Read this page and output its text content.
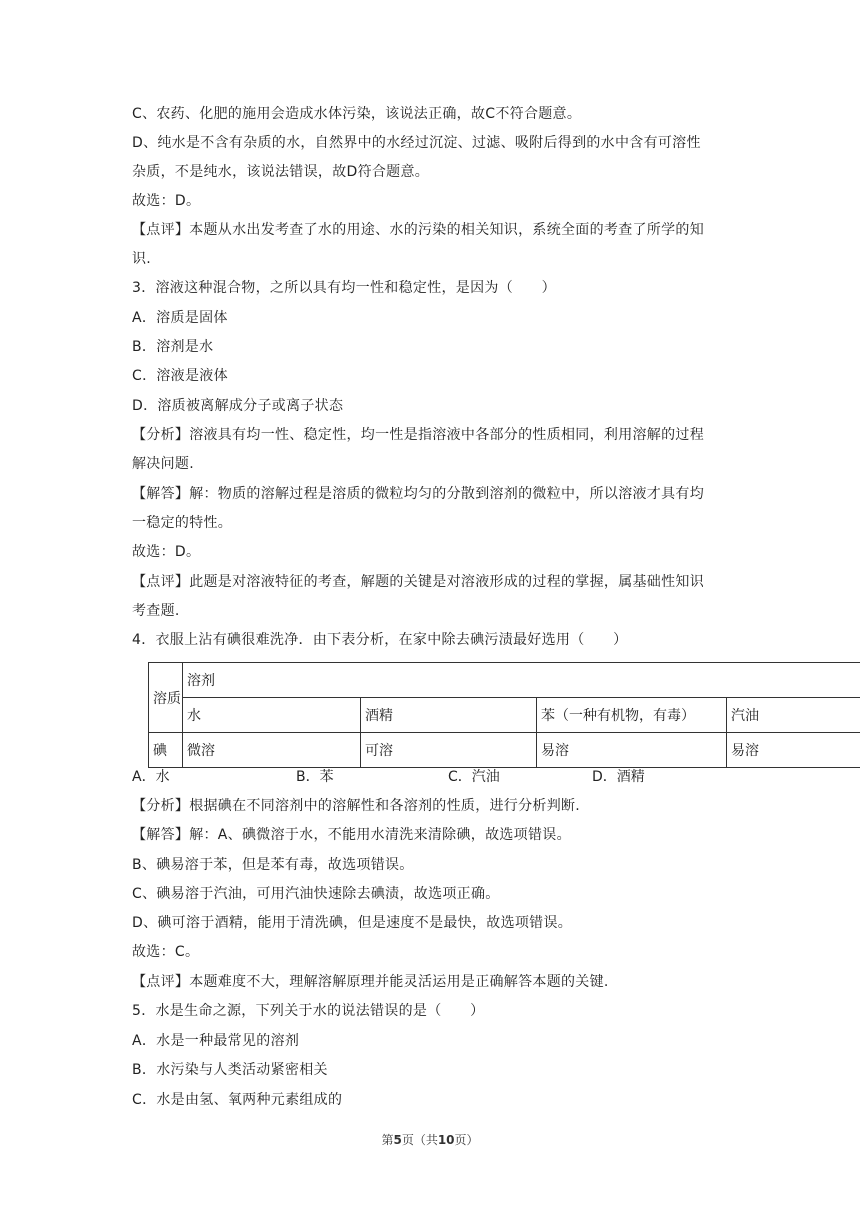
C、农药、化肥的施用会造成水体污染，该说法正确，故C不符合题意。
D、纯水是不含有杂质的水，自然界中的水经过沉淀、过滤、吸附后得到的水中含有可溶性
杂质，不是纯水，该说法错误，故D符合题意。
故选：D。
【点评】本题从水出发考查了水的用途、水的污染的相关知识，系统全面的考查了所学的知
识.
3．溶液这种混合物，之所以具有均一性和稳定性，是因为（　　）
A．溶质是固体
B．溶剂是水
C．溶液是液体
D．溶质被离解成分子或离子状态
【分析】溶液具有均一性、稳定性，均一性是指溶液中各部分的性质相同，利用溶解的过程
解决问题.
【解答】解：物质的溶解过程是溶质的微粒均匀的分散到溶剂的微粒中，所以溶液才具有均
一稳定的特性。
故选：D。
【点评】此题是对溶液特征的考查，解题的关键是对溶液形成的过程的掌握，属基础性知识
考查题.
4．衣服上沾有碘很难洗净．由下表分析，在家中除去碘污渍最好选用（　　）
溶质	溶剂			
	水	酒精	苯（一种有机物，有毒）	汽油
碘	微溶	可溶	易溶	易溶
A．水	B．苯	C．汽油	D．酒精
【分析】根据碘在不同溶剂中的溶解性和各溶剂的性质，进行分析判断.
【解答】解：A、碘微溶于水，不能用水清洗来清除碘，故选项错误。
B、碘易溶于苯，但是苯有毒，故选项错误。
C、碘易溶于汽油，可用汽油快速除去碘渍，故选项正确。
D、碘可溶于酒精，能用于清洗碘，但是速度不是最快，故选项错误。
故选：C。
【点评】本题难度不大，理解溶解原理并能灵活运用是正确解答本题的关键.
5．水是生命之源，下列关于水的说法错误的是（　　）
A．水是一种最常见的溶剂
B．水污染与人类活动紧密相关
C．水是由氢、氧两种元素组成的
第5页（共10页）
